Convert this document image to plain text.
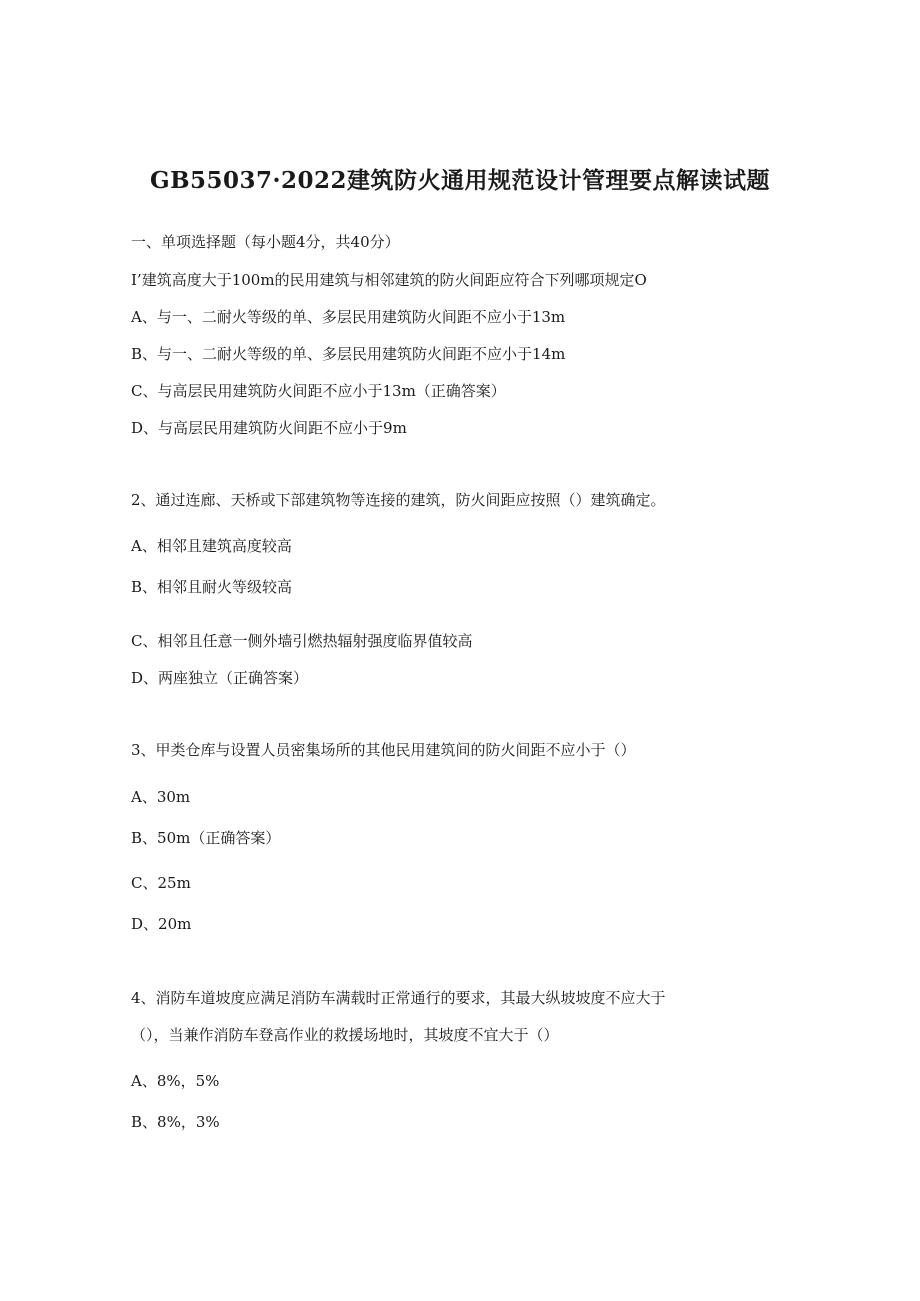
GB55037·2022建筑防火通用规范设计管理要点解读试题
一、单项选择题（每小题4分，共40分）
I’建筑高度大于100m的民用建筑与相邻建筑的防火间距应符合下列哪项规定O
A、与一、二耐火等级的单、多层民用建筑防火间距不应小于13m
B、与一、二耐火等级的单、多层民用建筑防火间距不应小于14m
C、与高层民用建筑防火间距不应小于13m（正确答案）
D、与高层民用建筑防火间距不应小于9m
2、通过连廊、天桥或下部建筑物等连接的建筑，防火间距应按照（）建筑确定。
A、相邻且建筑高度较高
B、相邻且耐火等级较高
C、相邻且任意一侧外墙引燃热辐射强度临界值较高
D、两座独立（正确答案）
3、甲类仓库与设置人员密集场所的其他民用建筑间的防火间距不应小于（）
A、30m
B、50m（正确答案）
C、25m
D、20m
4、消防车道坡度应满足消防车满载时正常通行的要求，其最大纵坡坡度不应大于
（），当兼作消防车登高作业的救援场地时，其坡度不宜大于（）
A、8%，5%
B、8%，3%
